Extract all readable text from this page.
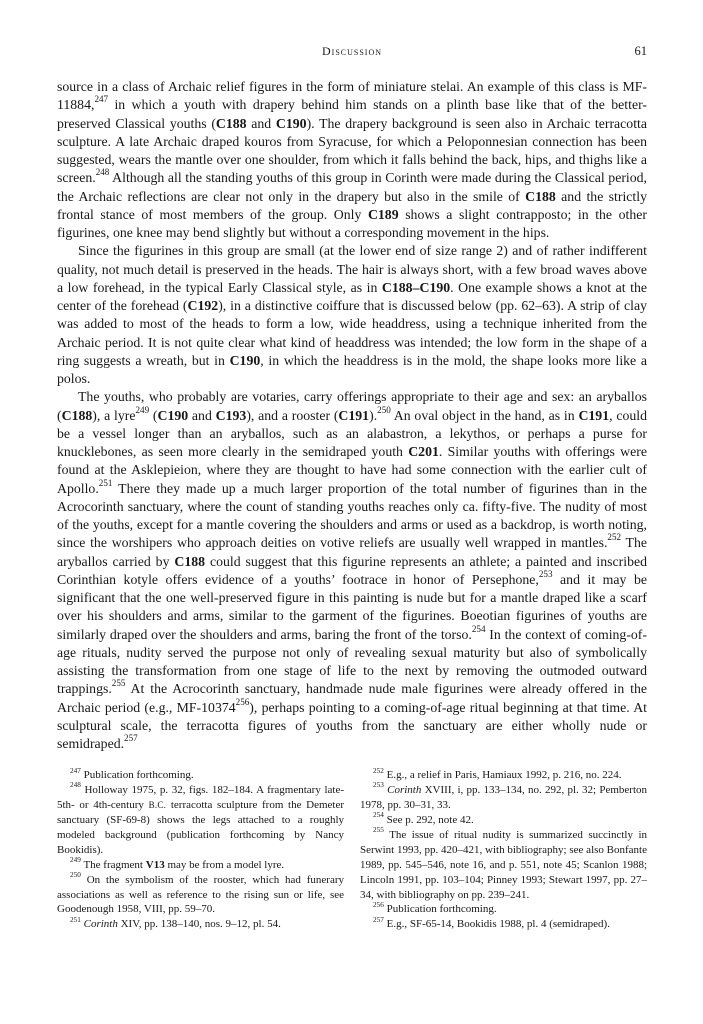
Discussion	61

source in a class of Archaic relief figures in the form of miniature stelai. An example of this class is MF-11884,$^{247}$ in which a youth with drapery behind him stands on a plinth base like that of the better-preserved Classical youths (C188 and C190). The drapery background is seen also in Archaic terracotta sculpture. A late Archaic draped kouros from Syracuse, for which a Peloponnesian connection has been suggested, wears the mantle over one shoulder, from which it falls behind the back, hips, and thighs like a screen.$^{248}$ Although all the standing youths of this group in Corinth were made during the Classical period, the Archaic reflections are clear not only in the drapery but also in the smile of C188 and the strictly frontal stance of most members of the group. Only C189 shows a slight contrapposto; in the other figurines, one knee may bend slightly but without a corresponding movement in the hips.

Since the figurines in this group are small (at the lower end of size range 2) and of rather indifferent quality, not much detail is preserved in the heads. The hair is always short, with a few broad waves above a low forehead, in the typical Early Classical style, as in C188–C190. One example shows a knot at the center of the forehead (C192), in a distinctive coiffure that is discussed below (pp. 62–63). A strip of clay was added to most of the heads to form a low, wide headdress, using a technique inherited from the Archaic period. It is not quite clear what kind of headdress was intended; the low form in the shape of a ring suggests a wreath, but in C190, in which the headdress is in the mold, the shape looks more like a polos.

The youths, who probably are votaries, carry offerings appropriate to their age and sex: an aryballos (C188), a lyre$^{249}$ (C190 and C193), and a rooster (C191).$^{250}$ An oval object in the hand, as in C191, could be a vessel longer than an aryballos, such as an alabastron, a lekythos, or perhaps a purse for knucklebones, as seen more clearly in the semidraped youth C201. Similar youths with offerings were found at the Asklepieion, where they are thought to have had some connection with the earlier cult of Apollo.$^{251}$ There they made up a much larger proportion of the total number of figurines than in the Acrocorinth sanctuary, where the count of standing youths reaches only ca. fifty-five. The nudity of most of the youths, except for a mantle covering the shoulders and arms or used as a backdrop, is worth noting, since the worshipers who approach deities on votive reliefs are usually well wrapped in mantles.$^{252}$ The aryballos carried by C188 could suggest that this figurine represents an athlete; a painted and inscribed Corinthian kotyle offers evidence of a youths’ footrace in honor of Persephone,$^{253}$ and it may be significant that the one well-preserved figure in this painting is nude but for a mantle draped like a scarf over his shoulders and arms, similar to the garment of the figurines. Boeotian figurines of youths are similarly draped over the shoulders and arms, baring the front of the torso.$^{254}$ In the context of coming-of-age rituals, nudity served the purpose not only of revealing sexual maturity but also of symbolically assisting the transformation from one stage of life to the next by removing the outmoded outward trappings.$^{255}$ At the Acrocorinth sanctuary, handmade nude male figurines were already offered in the Archaic period (e.g., MF-10374$^{256}$), perhaps pointing to a coming-of-age ritual beginning at that time. At sculptural scale, the terracotta figures of youths from the sanctuary are either wholly nude or semidraped.$^{257}$

$^{247}$ Publication forthcoming.

$^{248}$ Holloway 1975, p. 32, figs. 182–184. A fragmentary late-5th- or 4th-century B.C. terracotta sculpture from the Demeter sanctuary (SF-69-8) shows the legs attached to a roughly modeled background (publication forthcoming by Nancy Bookidis).

$^{249}$ The fragment V13 may be from a model lyre.

$^{250}$ On the symbolism of the rooster, which had funerary associations as well as reference to the rising sun or life, see Goodenough 1958, VIII, pp. 59–70.

$^{251}$ Corinth XIV, pp. 138–140, nos. 9–12, pl. 54.

$^{252}$ E.g., a relief in Paris, Hamiaux 1992, p. 216, no. 224.

$^{253}$ Corinth XVIII, i, pp. 133–134, no. 292, pl. 32; Pemberton 1978, pp. 30–31, 33.

$^{254}$ See p. 292, note 42.

$^{255}$ The issue of ritual nudity is summarized succinctly in Serwint 1993, pp. 420–421, with bibliography; see also Bonfante 1989, pp. 545–546, note 16, and p. 551, note 45; Scanlon 1988; Lincoln 1991, pp. 103–104; Pinney 1993; Stewart 1997, pp. 27–34, with bibliography on pp. 239–241.

$^{256}$ Publication forthcoming.

$^{257}$ E.g., SF-65-14, Bookidis 1988, pl. 4 (semidraped).
